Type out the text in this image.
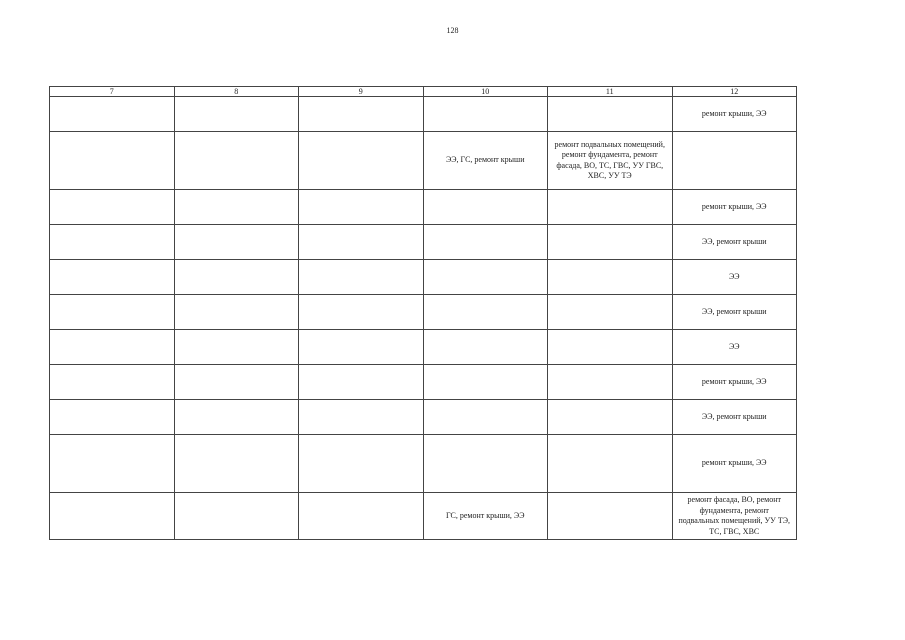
128
7	8	9	10	11	12
					ремонт крыши, ЭЭ
			ЭЭ, ГС, ремонт крыши	ремонт подвальных помещений, ремонт фундамента, ремонт фасада, ВО, ТС, ГВС, УУ ГВС, ХВС, УУ ТЭ	
					ремонт крыши, ЭЭ
					ЭЭ, ремонт крыши
					ЭЭ
					ЭЭ, ремонт крыши
					ЭЭ
					ремонт крыши, ЭЭ
					ЭЭ, ремонт крыши
					ремонт крыши, ЭЭ
			ГС, ремонт крыши, ЭЭ		ремонт фасада, ВО, ремонт фундамента, ремонт подвальных помещений, УУ ТЭ, ТС, ГВС, ХВС
